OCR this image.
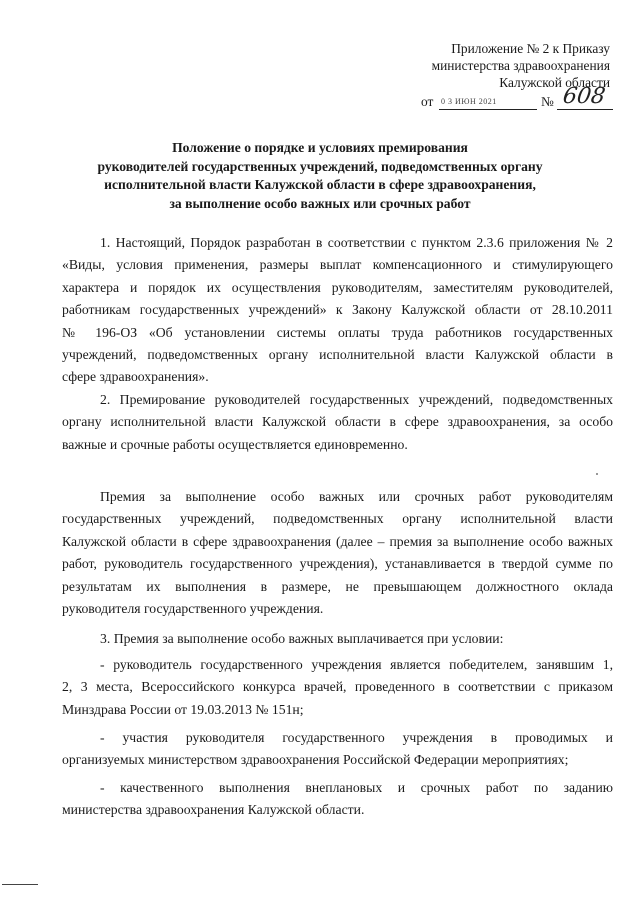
Приложение № 2 к Приказу
министерства здравоохранения
Калужской области
от 0 3 ИЮН 2021	№ 608
Положение о порядке и условиях премирования
руководителей государственных учреждений, подведомственных органу
исполнительной власти Калужской области в сфере здравоохранения,
за выполнение особо важных или срочных работ
1. Настоящий, Порядок разработан в соответствии с пунктом 2.3.6 приложения № 2
«Виды, условия применения, размеры выплат компенсационного и стимулирующего
характера и порядок их осуществления руководителям, заместителям руководителей,
работникам государственных учреждений» к Закону Калужской области от 28.10.2011
№ 196-ОЗ «Об установлении системы оплаты труда работников государственных
учреждений, подведомственных органу исполнительной власти Калужской области в
сфере здравоохранения».
2. Премирование руководителей государственных учреждений, подведомственных
органу исполнительной власти Калужской области в сфере здравоохранения, за особо
важные и срочные работы осуществляется единовременно.
Премия за выполнение особо важных или срочных работ руководителям
государственных учреждений, подведомственных органу исполнительной власти
Калужской области в сфере здравоохранения (далее – премия за выполнение особо важных
работ, руководитель государственного учреждения), устанавливается в твердой сумме по
результатам их выполнения в размере, не превышающем должностного оклада
руководителя государственного учреждения.
3. Премия за выполнение особо важных выплачивается при условии:
- руководитель государственного учреждения является победителем, занявшим 1,
2, 3 места, Всероссийского конкурса врачей, проведенного в соответствии с приказом
Минздрава России от 19.03.2013 № 151н;
- участия руководителя государственного учреждения в проводимых и
организуемых министерством здравоохранения Российской Федерации мероприятиях;
- качественного выполнения внеплановых и срочных работ по заданию
министерства здравоохранения Калужской области.
